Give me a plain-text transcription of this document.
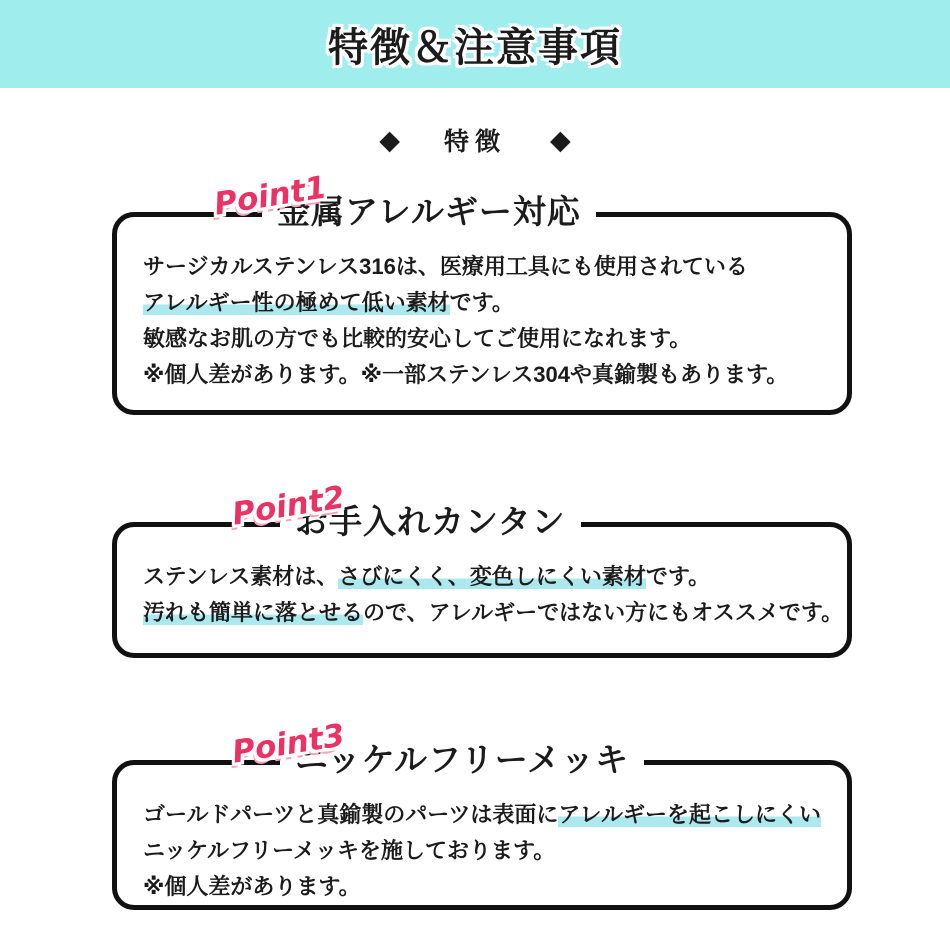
特徴＆注意事項
◆ 特徴 ◆
Point1
金属アレルギー対応

サージカルステンレス316は、医療用工具にも使用されている

アレルギー性の極めて低い素材です。

敏感なお肌の方でも比較的安心してご使用になれます。

※個人差があります。※一部ステンレス304や真鍮製もあります。

Point2
お手入れカンタン

ステンレス素材は、さびにくく、変色しにくい素材です。

汚れも簡単に落とせるので、アレルギーではない方にもオススメです。

Point3
ニッケルフリーメッキ

ゴールドパーツと真鍮製のパーツは表面にアレルギーを起こしにくい

ニッケルフリーメッキを施しております。

※個人差があります。
